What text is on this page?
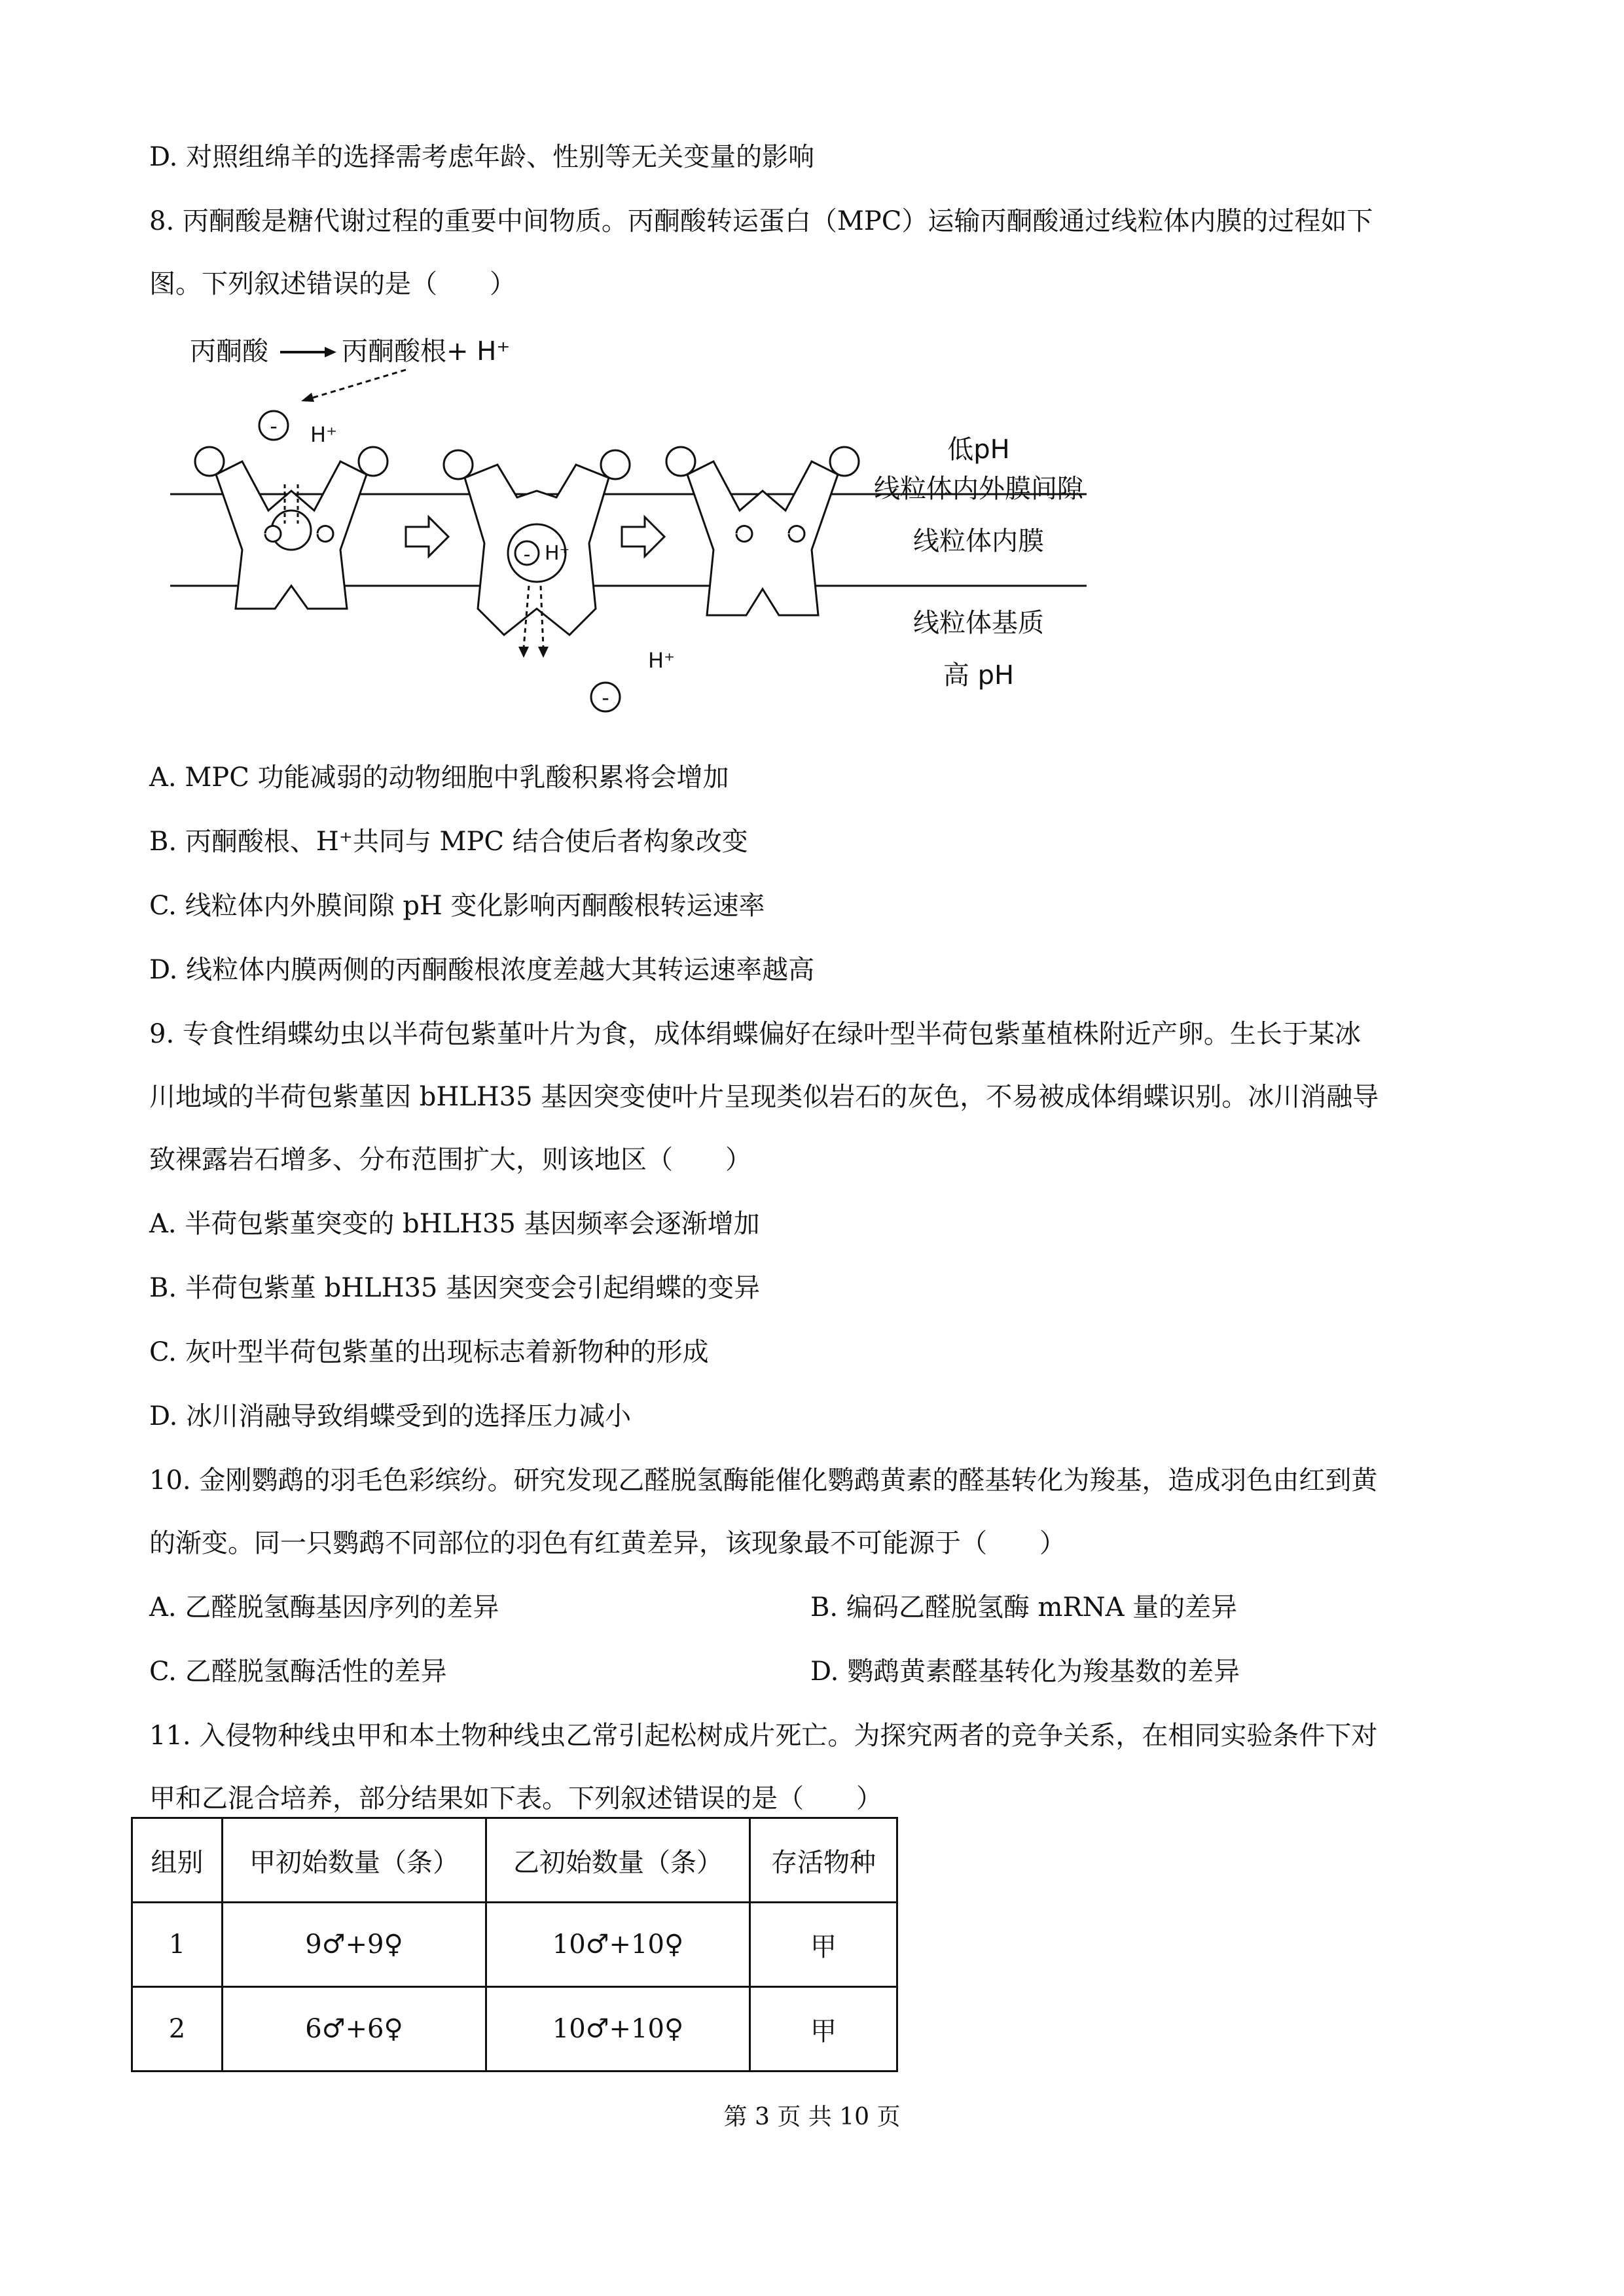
D. 对照组绵羊的选择需考虑年龄、性别等无关变量的影响
8. 丙酮酸是糖代谢过程的重要中间物质。丙酮酸转运蛋白（MPC）运输丙酮酸通过线粒体内膜的过程如下
图。下列叙述错误的是（　　）
丙酮酸	丙酮酸根+ H⁺
- H⁺
- H⁺
H⁺
-
低pH
线粒体内外膜间隙
线粒体内膜
线粒体基质
高 pH
A. MPC 功能减弱的动物细胞中乳酸积累将会增加
B. 丙酮酸根、H⁺共同与 MPC 结合使后者构象改变
C. 线粒体内外膜间隙 pH 变化影响丙酮酸根转运速率
D. 线粒体内膜两侧的丙酮酸根浓度差越大其转运速率越高
9. 专食性绢蝶幼虫以半荷包紫堇叶片为食，成体绢蝶偏好在绿叶型半荷包紫堇植株附近产卵。生长于某冰
川地域的半荷包紫堇因 bHLH35 基因突变使叶片呈现类似岩石的灰色，不易被成体绢蝶识别。冰川消融导
致裸露岩石增多、分布范围扩大，则该地区（　　）
A. 半荷包紫堇突变的 bHLH35 基因频率会逐渐增加
B. 半荷包紫堇 bHLH35 基因突变会引起绢蝶的变异
C. 灰叶型半荷包紫堇的出现标志着新物种的形成
D. 冰川消融导致绢蝶受到的选择压力减小
10. 金刚鹦鹉的羽毛色彩缤纷。研究发现乙醛脱氢酶能催化鹦鹉黄素的醛基转化为羧基，造成羽色由红到黄
的渐变。同一只鹦鹉不同部位的羽色有红黄差异，该现象最不可能源于（　　）
A. 乙醛脱氢酶基因序列的差异	B. 编码乙醛脱氢酶 mRNA 量的差异
C. 乙醛脱氢酶活性的差异	D. 鹦鹉黄素醛基转化为羧基数的差异
11. 入侵物种线虫甲和本土物种线虫乙常引起松树成片死亡。为探究两者的竞争关系，在相同实验条件下对
甲和乙混合培养，部分结果如下表。下列叙述错误的是（　　）
组别	甲初始数量（条）	乙初始数量（条）	存活物种
1	9♂+9♀	10♂+10♀	甲
2	6♂+6♀	10♂+10♀	甲
第 3 页 共 10 页
